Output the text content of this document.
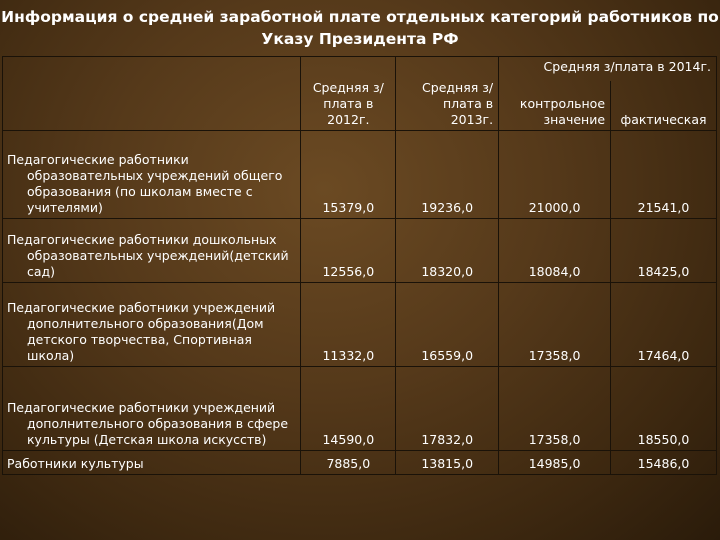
Информация о средней заработной плате отдельных категорий работников по
Указу Президента РФ
	Средняя з/плата в 2012г.	Средняя з/плата в 2013г.	Средняя з/плата в 2014г.	
			контрольное значение	фактическая

Педагогические работники образовательных учреждений общего образования (по школам вместе с учителями)	15379,0	19236,0	21000,0	21541,0

Педагогические работники дошкольных образовательных учреждений(детский сад)	12556,0	18320,0	18084,0	18425,0

Педагогические работники учреждений дополнительного образования(Дом детского творчества, Спортивная школа)	11332,0	16559,0	17358,0	17464,0

Педагогические работники учреждений дополнительного образования в сфере культуры (Детская школа искусств)	14590,0	17832,0	17358,0	18550,0

Работники культуры	7885,0	13815,0	14985,0	15486,0
